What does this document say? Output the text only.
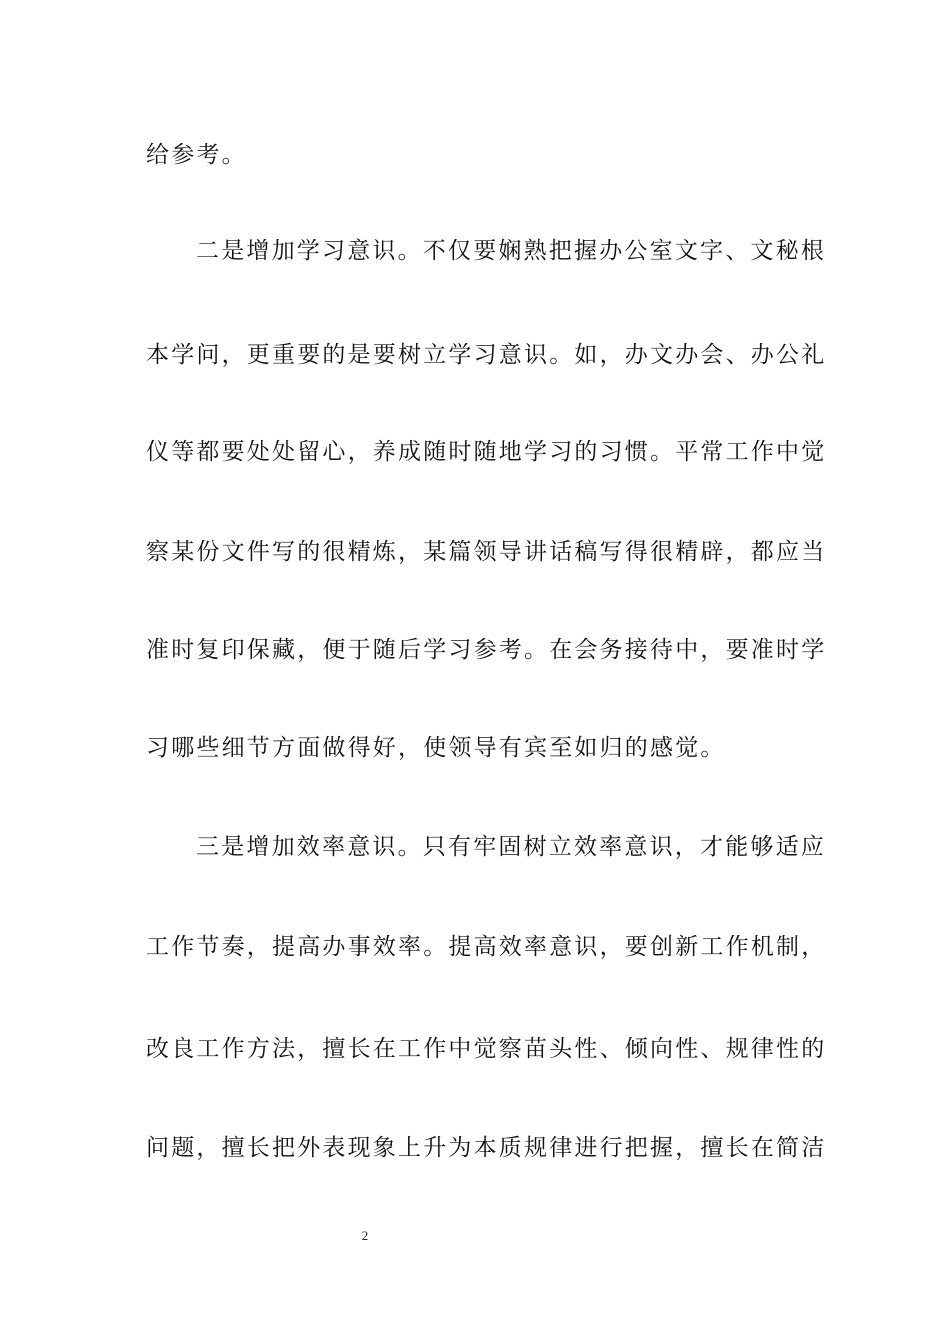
给参考。
二是增加学习意识。不仅要娴熟把握办公室文字、文秘根
本学问，更重要的是要树立学习意识。如，办文办会、办公礼
仪等都要处处留心，养成随时随地学习的习惯。平常工作中觉
察某份文件写的很精炼，某篇领导讲话稿写得很精辟，都应当
准时复印保藏，便于随后学习参考。在会务接待中，要准时学
习哪些细节方面做得好，使领导有宾至如归的感觉。
三是增加效率意识。只有牢固树立效率意识，才能够适应
工作节奏，提高办事效率。提高效率意识，要创新工作机制，
改良工作方法，擅长在工作中觉察苗头性、倾向性、规律性的
问题，擅长把外表现象上升为本质规律进行把握，擅长在简洁
2
